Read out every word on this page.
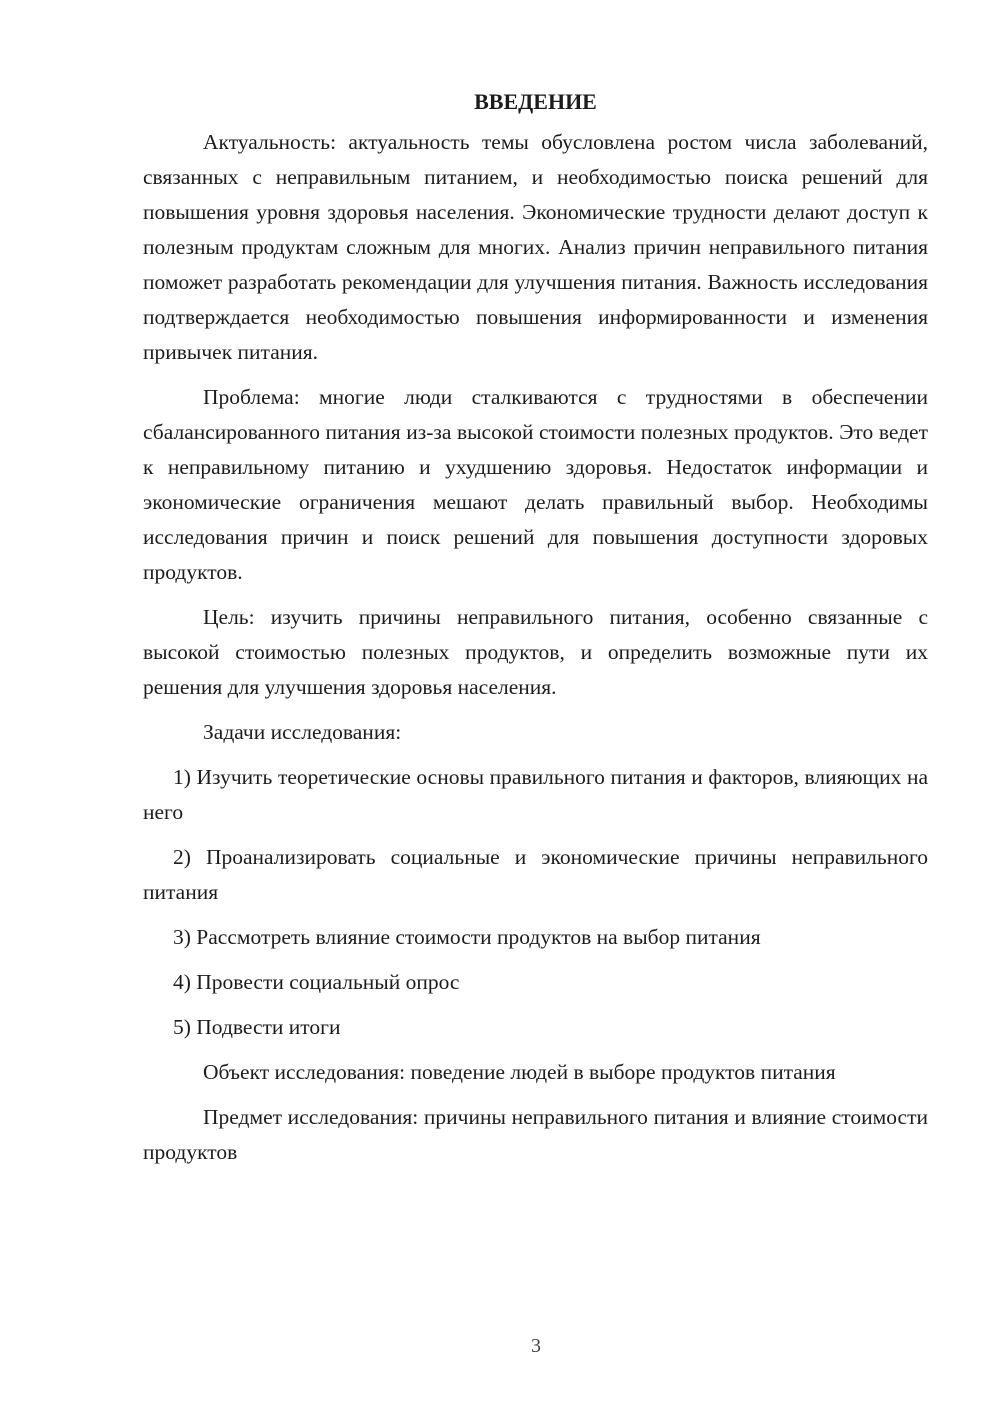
ВВЕДЕНИЕ

Актуальность: актуальность темы обусловлена ростом числа заболеваний, связанных с неправильным питанием, и необходимостью поиска решений для повышения уровня здоровья населения. Экономические трудности делают доступ к полезным продуктам сложным для многих. Анализ причин неправильного питания поможет разработать рекомендации для улучшения питания. Важность исследования подтверждается необходимостью повышения информированности и изменения привычек питания.

Проблема: многие люди сталкиваются с трудностями в обеспечении сбалансированного питания из-за высокой стоимости полезных продуктов. Это ведет к неправильному питанию и ухудшению здоровья. Недостаток информации и экономические ограничения мешают делать правильный выбор. Необходимы исследования причин и поиск решений для повышения доступности здоровых продуктов.

Цель: изучить причины неправильного питания, особенно связанные с высокой стоимостью полезных продуктов, и определить возможные пути их решения для улучшения здоровья населения.

Задачи исследования:

1) Изучить теоретические основы правильного питания и факторов, влияющих на него

2) Проанализировать социальные и экономические причины неправильного питания

3) Рассмотреть влияние стоимости продуктов на выбор питания

4) Провести социальный опрос

5) Подвести итоги

Объект исследования: поведение людей в выборе продуктов питания

Предмет исследования: причины неправильного питания и влияние стоимости продуктов

3
